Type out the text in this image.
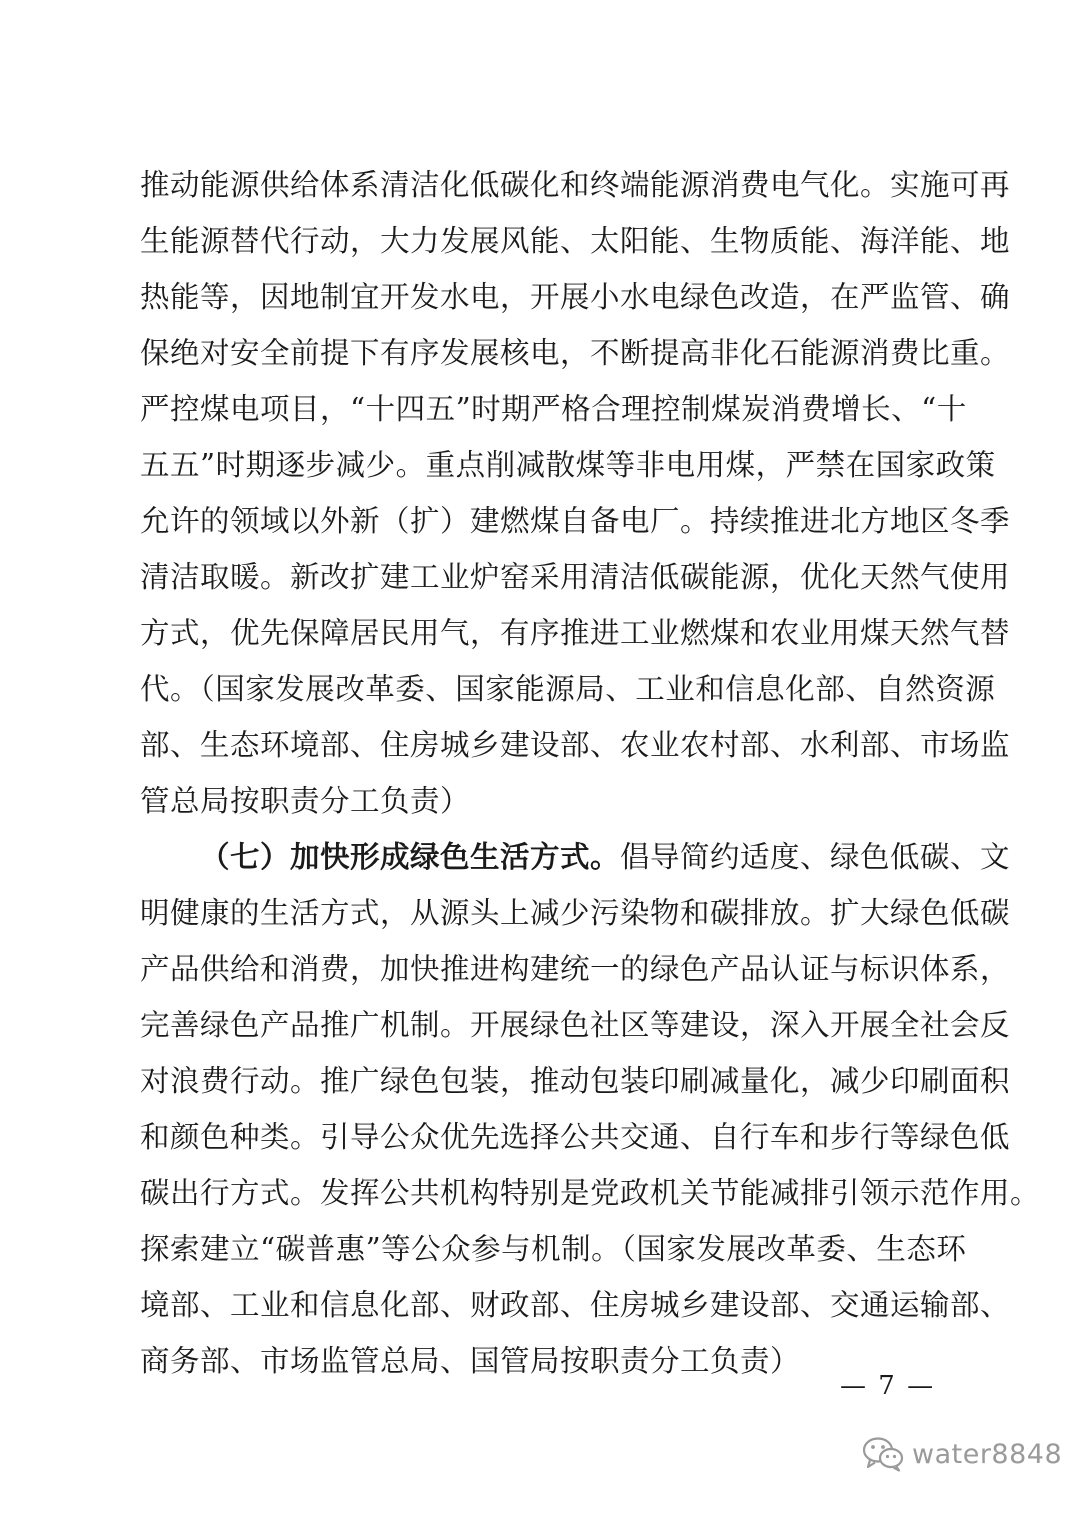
推动能源供给体系清洁化低碳化和终端能源消费电气化。实施可再
生能源替代行动，大力发展风能、太阳能、生物质能、海洋能、地
热能等，因地制宜开发水电，开展小水电绿色改造，在严监管、确
保绝对安全前提下有序发展核电，不断提高非化石能源消费比重。
严控煤电项目，“十四五”时期严格合理控制煤炭消费增长、“十
五五”时期逐步减少。重点削减散煤等非电用煤，严禁在国家政策
允许的领域以外新（扩）建燃煤自备电厂。持续推进北方地区冬季
清洁取暖。新改扩建工业炉窑采用清洁低碳能源，优化天然气使用
方式，优先保障居民用气，有序推进工业燃煤和农业用煤天然气替
代。（国家发展改革委、国家能源局、工业和信息化部、自然资源
部、生态环境部、住房城乡建设部、农业农村部、水利部、市场监
管总局按职责分工负责）
（七）加快形成绿色生活方式。倡导简约适度、绿色低碳、文
明健康的生活方式，从源头上减少污染物和碳排放。扩大绿色低碳
产品供给和消费，加快推进构建统一的绿色产品认证与标识体系，
完善绿色产品推广机制。开展绿色社区等建设，深入开展全社会反
对浪费行动。推广绿色包装，推动包装印刷减量化，减少印刷面积
和颜色种类。引导公众优先选择公共交通、自行车和步行等绿色低
碳出行方式。发挥公共机构特别是党政机关节能减排引领示范作用。
探索建立“碳普惠”等公众参与机制。（国家发展改革委、生态环
境部、工业和信息化部、财政部、住房城乡建设部、交通运输部、
商务部、市场监管总局、国管局按职责分工负责）
— 7 —
water8848
